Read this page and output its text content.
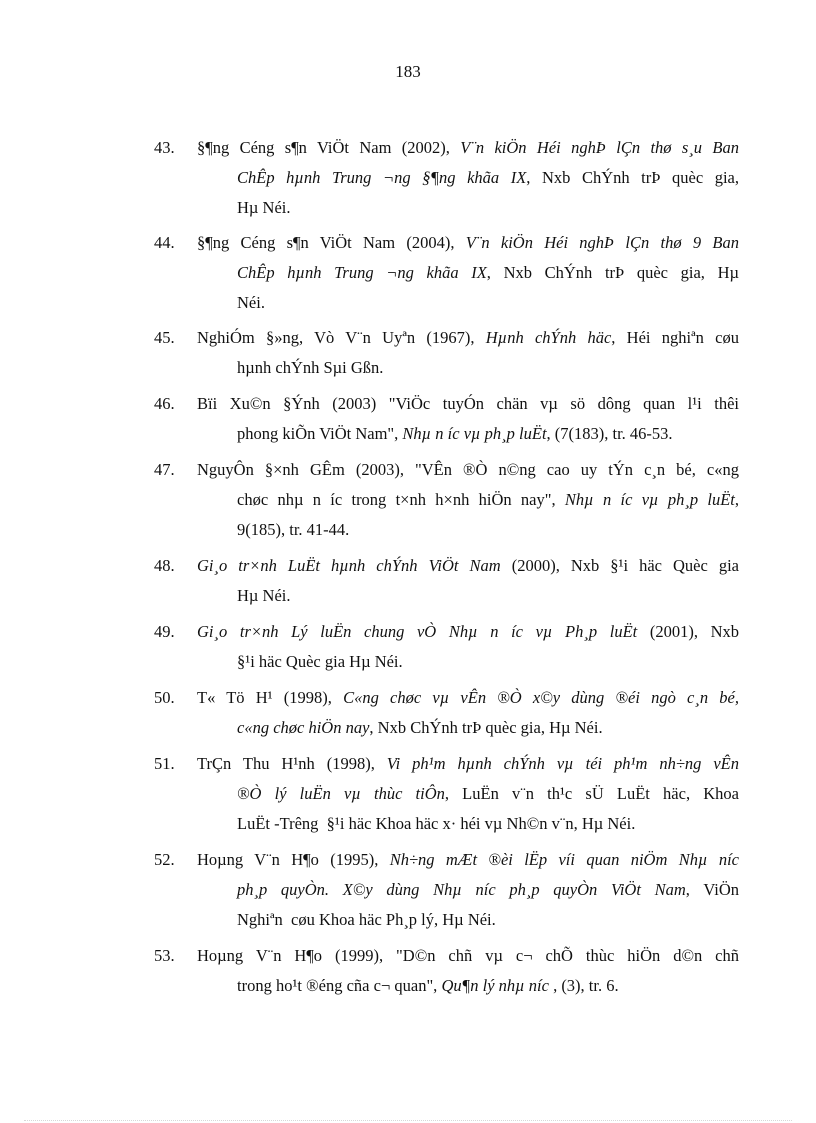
183
43.	§¶ng Céng s¶n ViÖt Nam (2002), V¨n kiÖn Héi nghÞ lÇn thø s¸u Ban
ChÊp hµnh Trung ¬ng §¶ng khãa IX, Nxb ChÝnh trÞ quèc gia,
Hµ Néi.
44.	§¶ng Céng s¶n ViÖt Nam (2004), V¨n kiÖn Héi nghÞ lÇn thø 9 Ban
ChÊp hµnh Trung ¬ng khãa IX, Nxb ChÝnh trÞ quèc gia, Hµ
Néi.
45.	NghiÓm §»ng, Vò V¨n Uyªn (1967), Hµnh chÝnh häc, Héi nghiªn cøu
hµnh chÝnh Sµi Gßn.
46.	Bïi Xu©n §Ýnh (2003) "ViÖc tuyÓn chän vµ sö dông quan l¹i thêi
phong kiÕn ViÖt Nam", Nhµ n íc vµ ph¸p luËt, (7(183), tr. 46-53.
47.	NguyÔn §×nh GÊm (2003), "VÊn ®Ò n©ng cao uy tÝn c¸n bé, c«ng
chøc nhµ n íc trong t×nh h×nh hiÖn nay", Nhµ n íc vµ ph¸p luËt,
9(185), tr. 41-44.
48.	Gi¸o tr×nh LuËt hµnh chÝnh ViÖt Nam (2000), Nxb §¹i häc Quèc gia
Hµ Néi.
49.	Gi¸o tr×nh Lý luËn chung vÒ Nhµ n íc vµ Ph¸p luËt (2001), Nxb
§¹i häc Quèc gia Hµ Néi.
50.	T« Tö H¹ (1998), C«ng chøc vµ vÊn ®Ò x©y dùng ®éi ngò c¸n bé,
c«ng chøc hiÖn nay, Nxb ChÝnh trÞ quèc gia, Hµ Néi.
51.	TrÇn Thu H¹nh (1998), Vi ph¹m hµnh chÝnh vµ téi ph¹m nh÷ng vÊn
®Ò lý luËn vµ thùc tiÔn, LuËn v¨n th¹c sÜ LuËt häc, Khoa
LuËt -Trêng  §¹i häc Khoa häc x· héi vµ Nh©n v¨n, Hµ Néi.
52.	Hoµng V¨n H¶o (1995), Nh÷ng mÆt ®èi lËp víi quan niÖm Nhµ níc
ph¸p quyÒn. X©y dùng Nhµ níc ph¸p quyÒn ViÖt Nam, ViÖn
Nghiªn  cøu Khoa häc Ph¸p lý, Hµ Néi.
53.	Hoµng V¨n H¶o (1999), "D©n chñ vµ c¬ chÕ thùc hiÖn d©n chñ
trong ho¹t ®éng cña c¬ quan", Qu¶n lý nhµ níc , (3), tr. 6.
